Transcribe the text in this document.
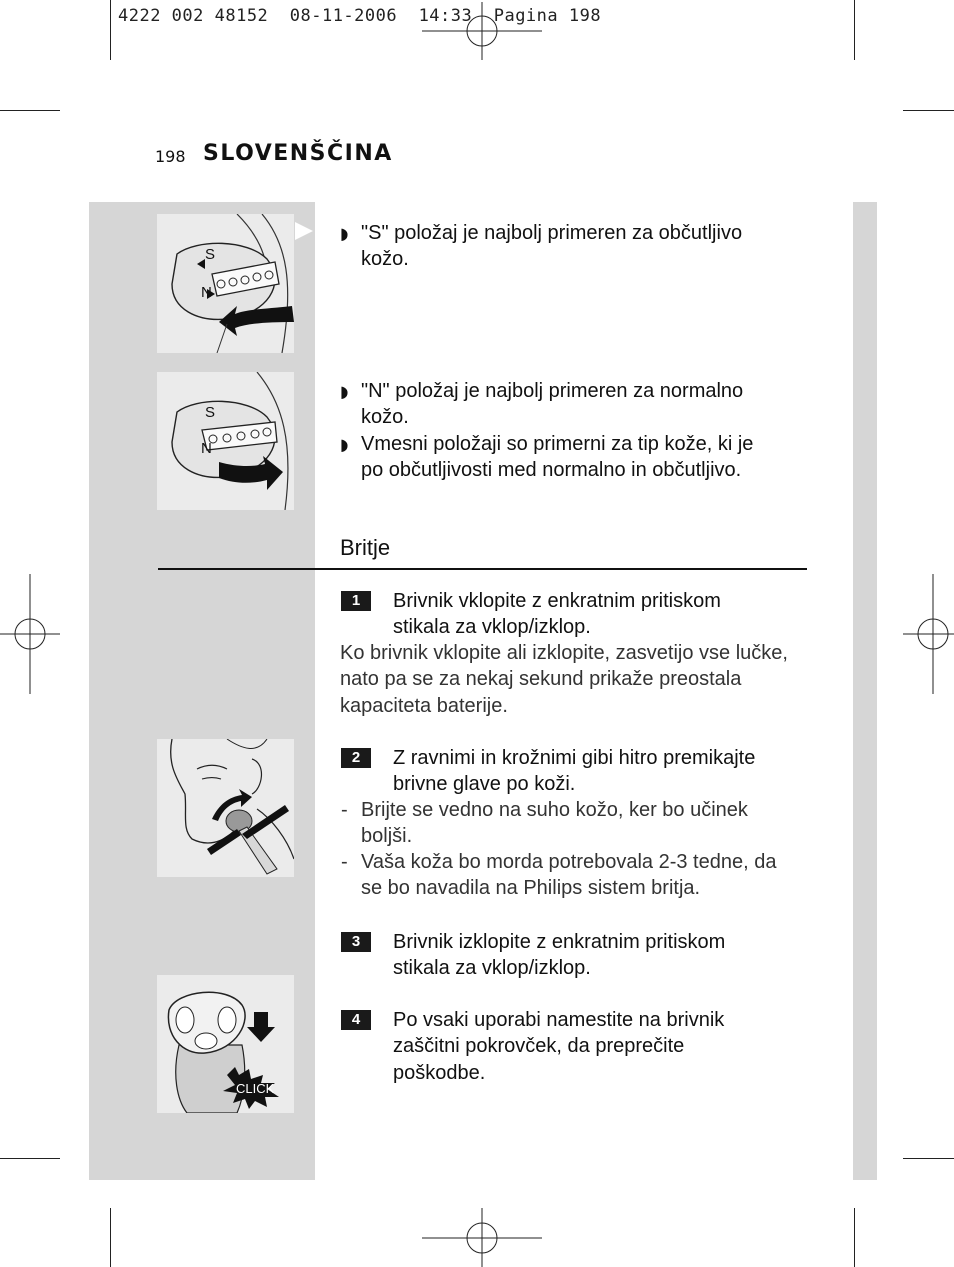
4222 002 48152  08-11-2006  14:33  Pagina 198
198 SLOVENŠČINA
S
N
S
N
CLICK
◗ "S" položaj je najbolj primeren za občutljivo
kožo.
◗ "N" položaj je najbolj primeren za normalno
kožo.
◗ Vmesni položaji so primerni za tip kože, ki je
po občutljivosti med normalno in občutljivo.
Britje
1	Brivnik vklopite z enkratnim pritiskom
stikala za vklop/izklop.
Ko brivnik vklopite ali izklopite, zasvetijo vse lučke,
nato pa se za nekaj sekund prikaže preostala
kapaciteta baterije.
2	Z ravnimi in krožnimi gibi hitro premikajte
brivne glave po koži.
- Brijte se vedno na suho kožo, ker bo učinek
boljši.
- Vaša koža bo morda potrebovala 2-3 tedne, da
se bo navadila na Philips sistem britja.
3	Brivnik izklopite z enkratnim pritiskom
stikala za vklop/izklop.
4	Po vsaki uporabi namestite na brivnik
zaščitni pokrovček, da preprečite
poškodbe.
